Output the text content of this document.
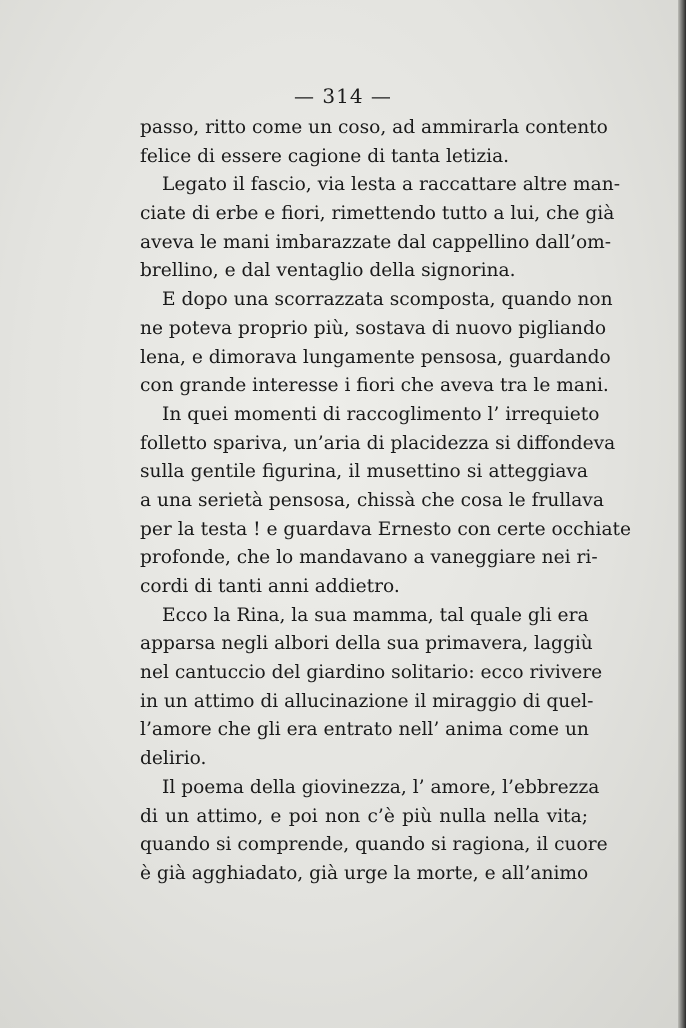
— 314 —
passo, ritto come un coso, ad ammirarla contento
felice di essere cagione di tanta letizia.
Legato il fascio, via lesta a raccattare altre man-
ciate di erbe e fiori, rimettendo tutto a lui, che già
aveva le mani imbarazzate dal cappellino dall’om-
brellino, e dal ventaglio della signorina.
E dopo una scorrazzata scomposta, quando non
ne poteva proprio più, sostava di nuovo pigliando
lena, e dimorava lungamente pensosa, guardando
con grande interesse i fiori che aveva tra le mani.
In quei momenti di raccoglimento l’ irrequieto
folletto spariva, un’aria di placidezza si diffondeva
sulla gentile figurina, il musettino si atteggiava
a una serietà pensosa, chissà che cosa le frullava
per la testa ! e guardava Ernesto con certe occhiate
profonde, che lo mandavano a vaneggiare nei ri-
cordi di tanti anni addietro.
Ecco la Rina, la sua mamma, tal quale gli era
apparsa negli albori della sua primavera, laggiù
nel cantuccio del giardino solitario: ecco rivivere
in un attimo di allucinazione il miraggio di quel-
l’amore che gli era entrato nell’ anima come un
delirio.
Il poema della giovinezza, l’ amore, l’ebbrezza
di un attimo, e poi non c’è più nulla nella vita;
quando si comprende, quando si ragiona, il cuore
è già agghiadato, già urge la morte, e all’animo
